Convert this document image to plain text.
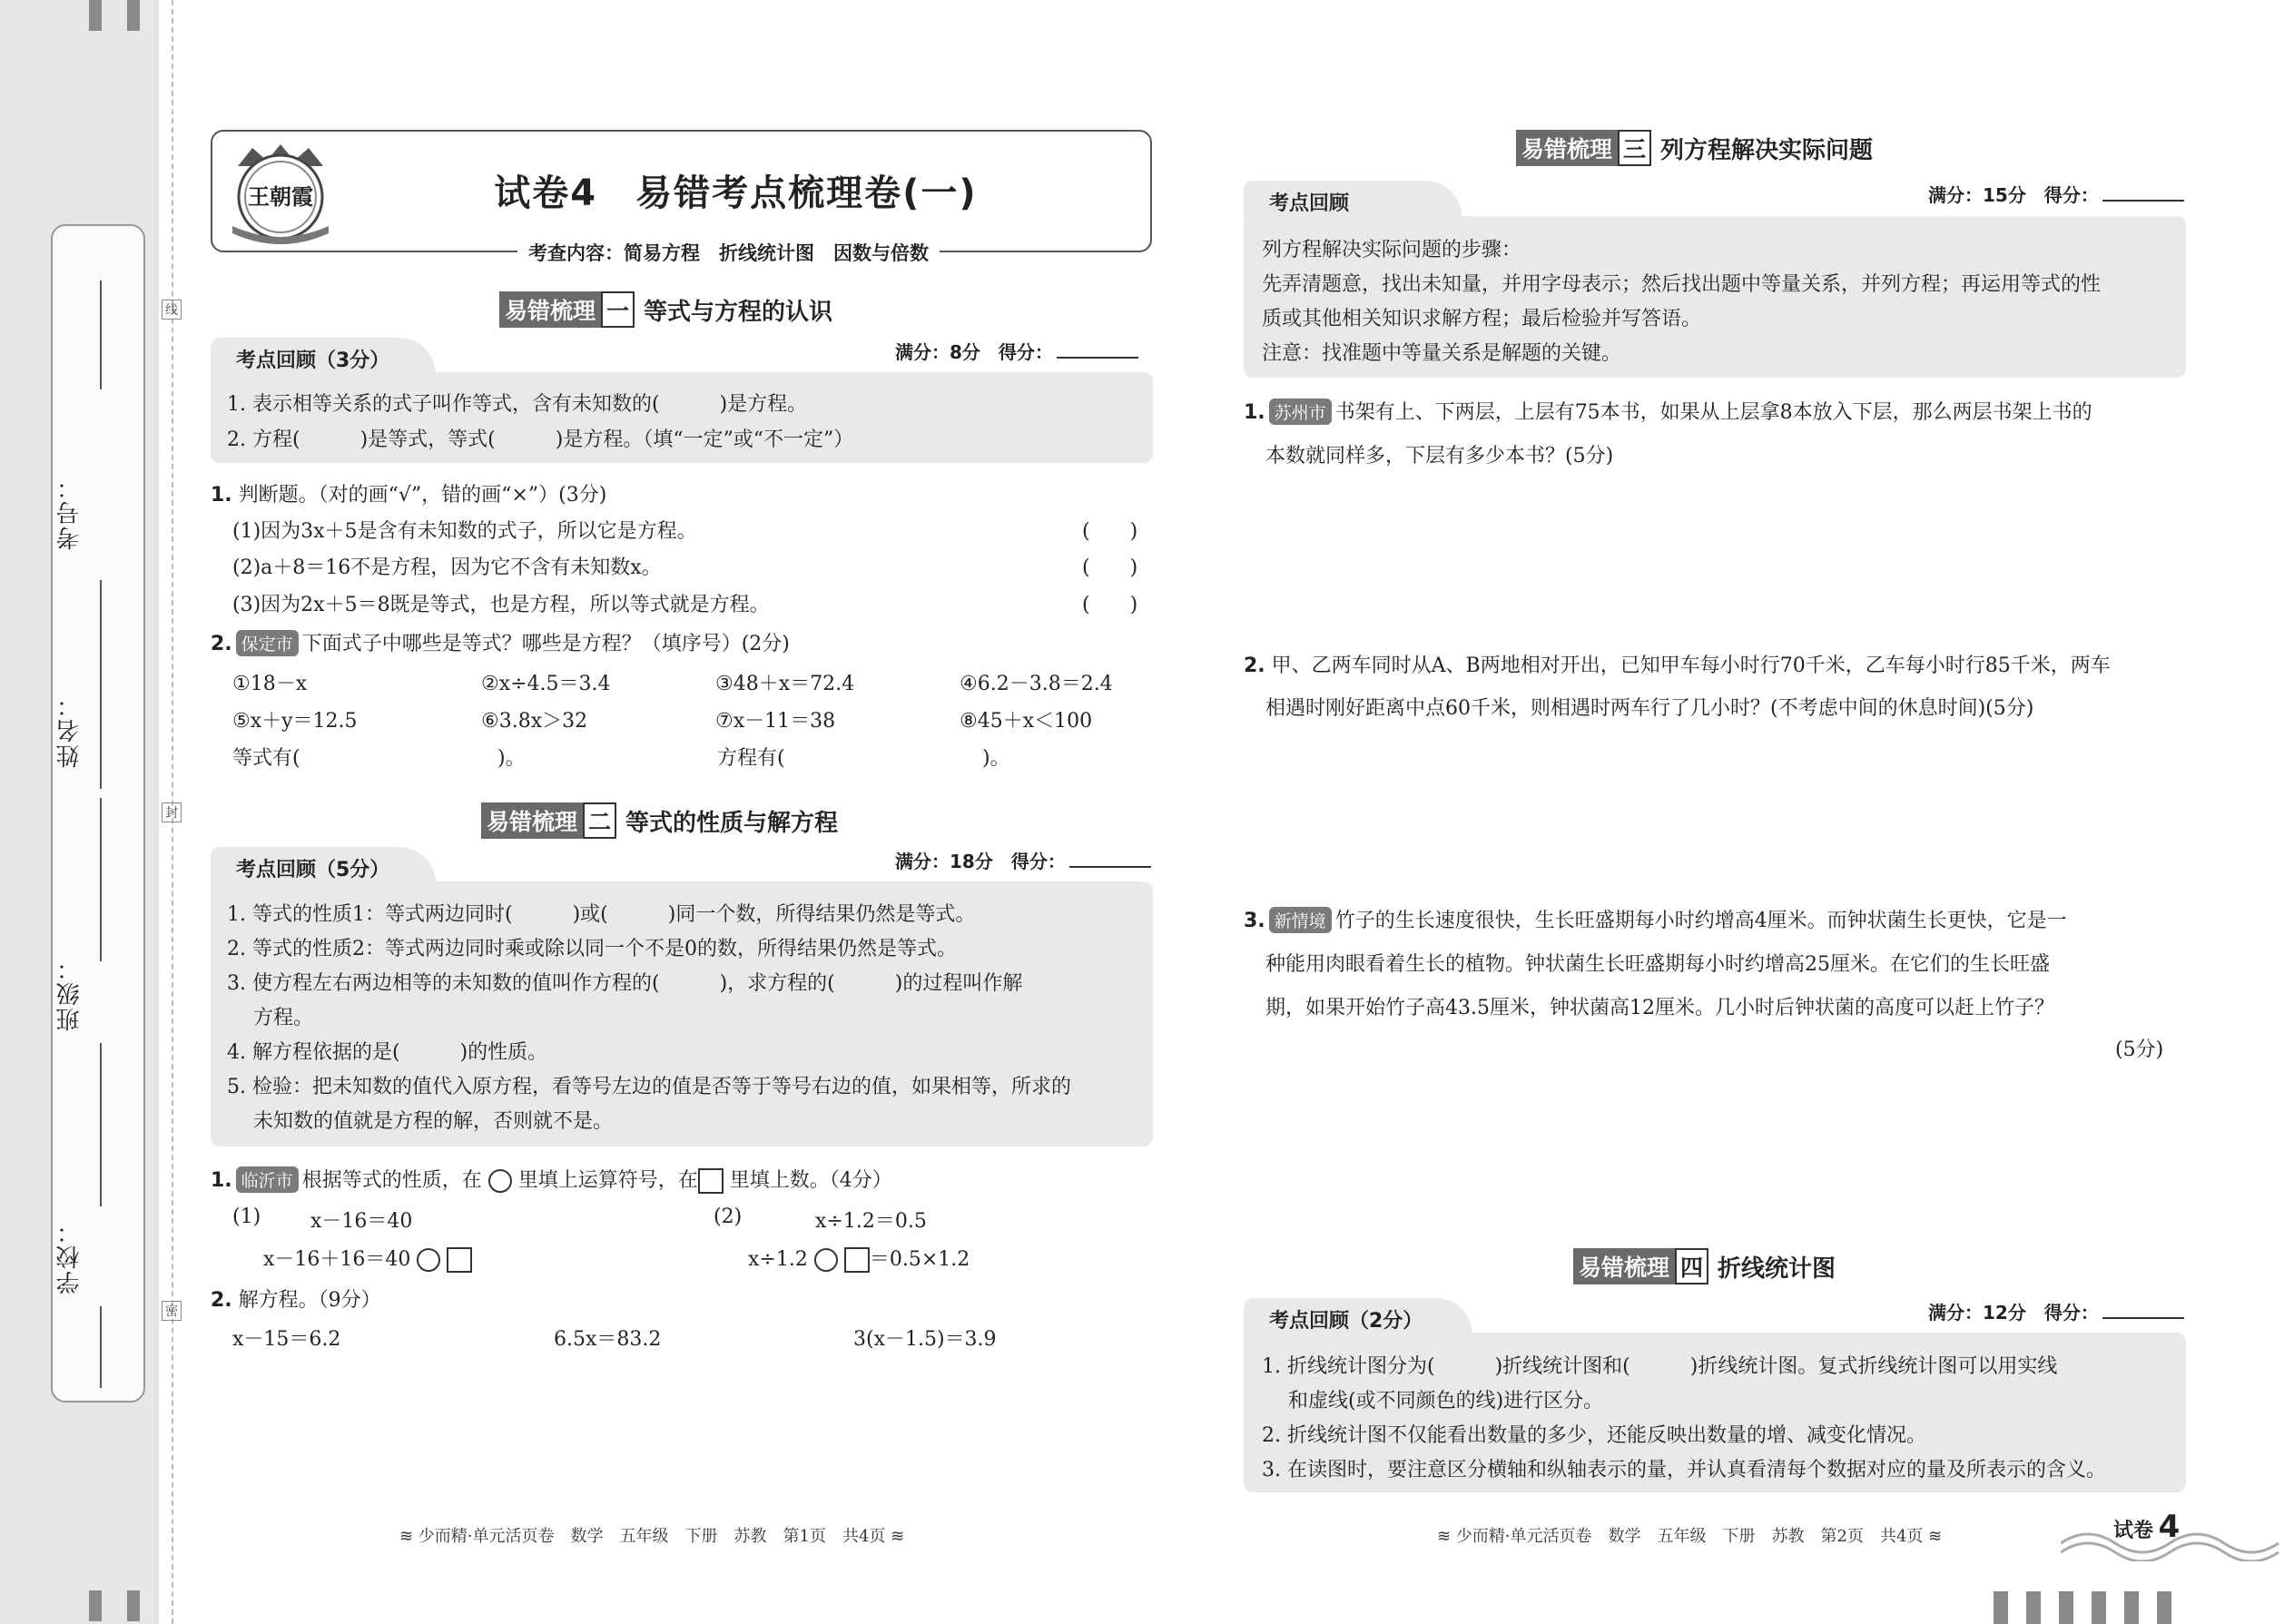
考号：
姓名：
班级：
学校：
线
封
密
王朝霞	试卷4　易错考点梳理卷(一)
考查内容：简易方程　折线统计图　因数与倍数
易错梳理 一 等式与方程的认识
考点回顾（3分）	满分：8分　得分：
1. 表示相等关系的式子叫作等式，含有未知数的(　　　)是方程。
2. 方程(　　　)是等式，等式(　　　)是方程。（填“一定”或“不一定”）
1. 判断题。（对的画“√”，错的画“×”）(3分)
(1)因为3x＋5是含有未知数的式子，所以它是方程。	(　　)
(2)a＋8＝16不是方程，因为它不含有未知数x。	(　　)
(3)因为2x＋5＝8既是等式，也是方程，所以等式就是方程。	(　　)
2. 保定市 下面式子中哪些是等式？哪些是方程？（填序号）(2分)
①18－x	②x÷4.5＝3.4	③48＋x＝72.4	④6.2－3.8＝2.4
⑤x＋y＝12.5	⑥3.8x＞32	⑦x－11＝38	⑧45＋x＜100
等式有(	)。	方程有(	)。
易错梳理 二 等式的性质与解方程
考点回顾（5分）	满分：18分　得分：
1. 等式的性质1：等式两边同时(　　　)或(　　　)同一个数，所得结果仍然是等式。
2. 等式的性质2：等式两边同时乘或除以同一个不是0的数，所得结果仍然是等式。
3. 使方程左右两边相等的未知数的值叫作方程的(　　　)，求方程的(　　　)的过程叫作解
　 方程。
4. 解方程依据的是(　　　)的性质。
5. 检验：把未知数的值代入原方程，看等号左边的值是否等于等号右边的值，如果相等，所求的
　 未知数的值就是方程的解，否则就不是。
1. 临沂市 根据等式的性质，在 里填上运算符号，在 里填上数。（4分）
(1) x－16＝40
x－16＋16＝40
(2)	x÷1.2＝0.5
x÷1.2	＝0.5×1.2
2. 解方程。（9分）
x－15＝6.2	6.5x＝83.2	3(x－1.5)＝3.9
≋ 少而精·单元活页卷　数学　五年级　下册　苏教　第1页　共4页 ≋
易错梳理 三 列方程解决实际问题
考点回顾	满分：15分　得分：
列方程解决实际问题的步骤：
先弄清题意，找出未知量，并用字母表示；然后找出题中等量关系，并列方程；再运用等式的性
质或其他相关知识求解方程；最后检验并写答语。
注意：找准题中等量关系是解题的关键。
1. 苏州市 书架有上、下两层，上层有75本书，如果从上层拿8本放入下层，那么两层书架上书的
本数就同样多，下层有多少本书？(5分)
2. 甲、乙两车同时从A、B两地相对开出，已知甲车每小时行70千米，乙车每小时行85千米，两车
相遇时刚好距离中点60千米，则相遇时两车行了几小时？(不考虑中间的休息时间)(5分)
3. 新情境 竹子的生长速度很快，生长旺盛期每小时约增高4厘米。而钟状菌生长更快，它是一
种能用肉眼看着生长的植物。钟状菌生长旺盛期每小时约增高25厘米。在它们的生长旺盛
期，如果开始竹子高43.5厘米，钟状菌高12厘米。几小时后钟状菌的高度可以赶上竹子？
(5分)
易错梳理 四 折线统计图
考点回顾（2分）	满分：12分　得分：
1. 折线统计图分为(　　　)折线统计图和(　　　)折线统计图。复式折线统计图可以用实线
　 和虚线(或不同颜色的线)进行区分。
2. 折线统计图不仅能看出数量的多少，还能反映出数量的增、减变化情况。
3. 在读图时，要注意区分横轴和纵轴表示的量，并认真看清每个数据对应的量及所表示的含义。
≋ 少而精·单元活页卷　数学　五年级　下册　苏教　第2页　共4页 ≋	试卷 4
